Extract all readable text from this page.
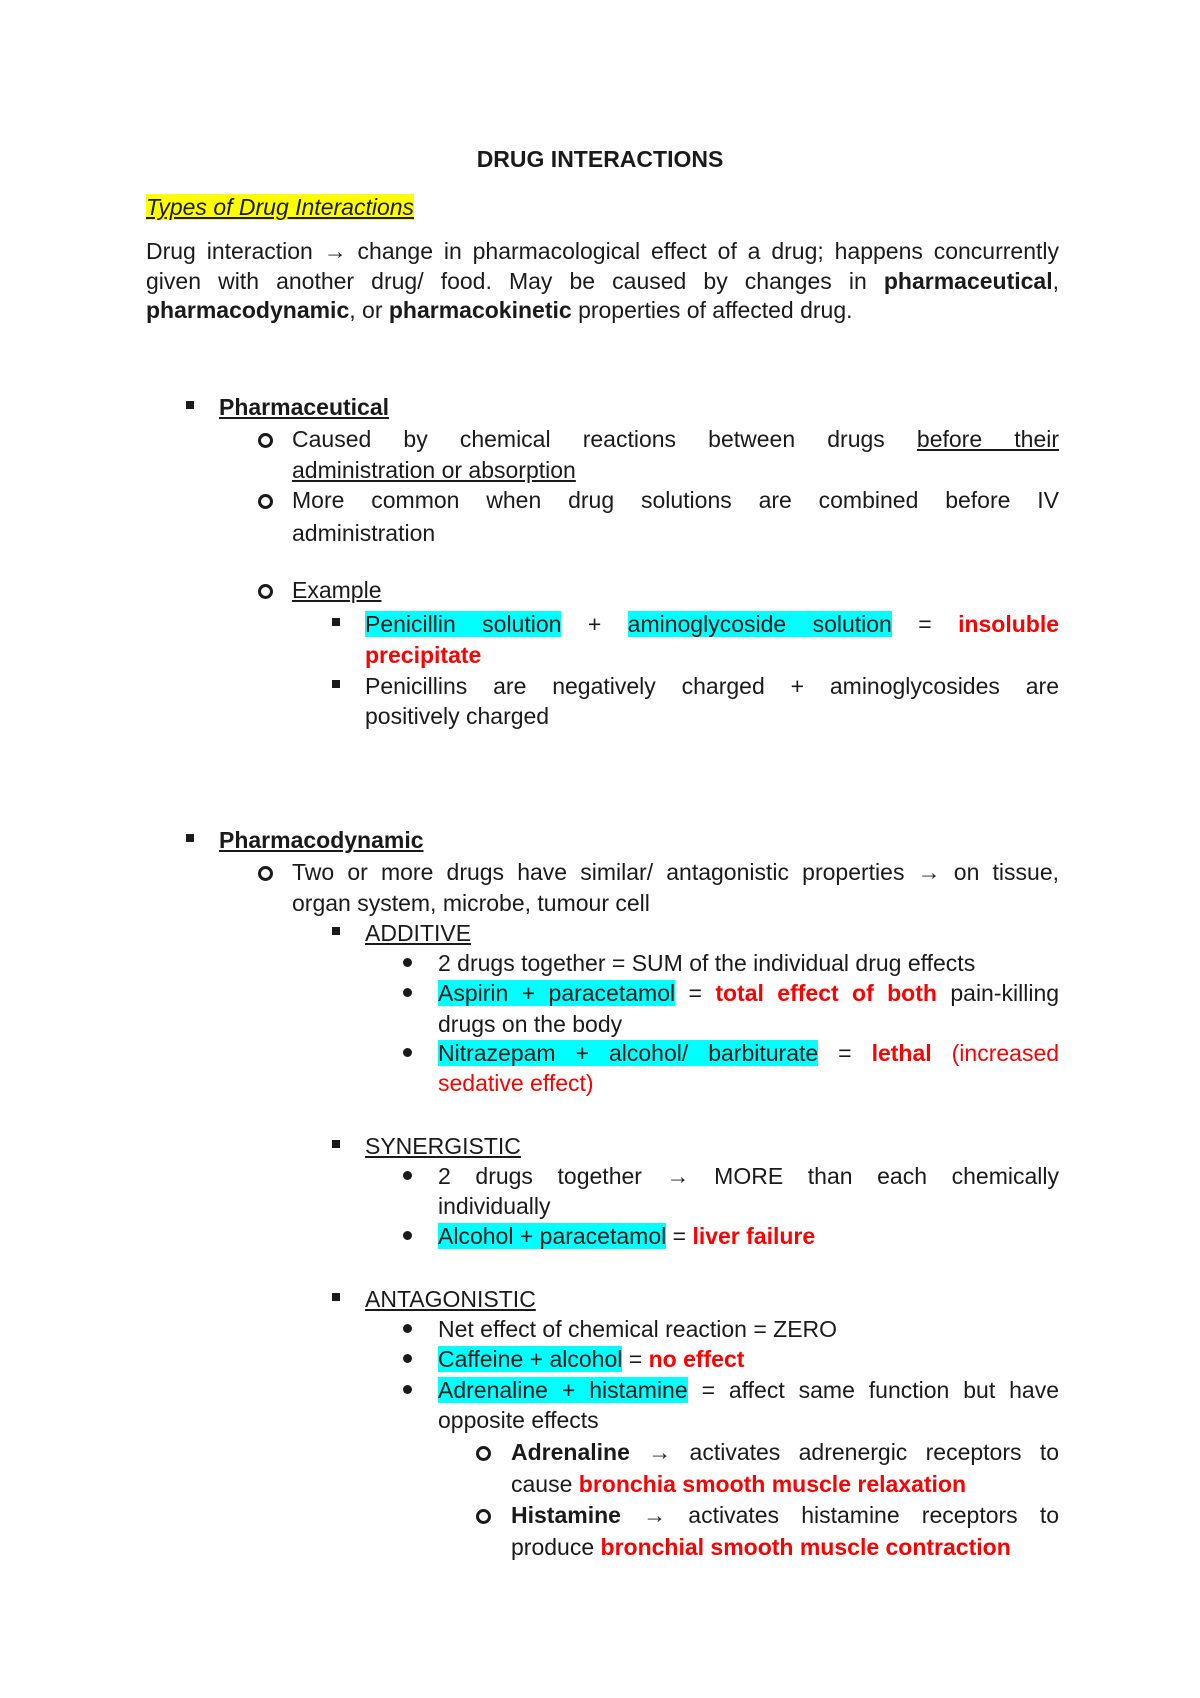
DRUG INTERACTIONS
Types of Drug Interactions
Drug interaction → change in pharmacological effect of a drug; happens concurrently
given with another drug/ food. May be caused by changes in pharmaceutical,
pharmacodynamic, or pharmacokinetic properties of affected drug.
Pharmaceutical
Caused by chemical reactions between drugs before their
administration or absorption
More common when drug solutions are combined before IV
administration
Example
Penicillin solution + aminoglycoside solution = insoluble
precipitate
Penicillins are negatively charged + aminoglycosides are
positively charged
Pharmacodynamic
Two or more drugs have similar/ antagonistic properties → on tissue,
organ system, microbe, tumour cell
ADDITIVE
2 drugs together = SUM of the individual drug effects
Aspirin + paracetamol = total effect of both pain-killing
drugs on the body
Nitrazepam + alcohol/ barbiturate = lethal (increased
sedative effect)
SYNERGISTIC
2 drugs together → MORE than each chemically
individually
Alcohol + paracetamol = liver failure
ANTAGONISTIC
Net effect of chemical reaction = ZERO
Caffeine + alcohol = no effect
Adrenaline + histamine = affect same function but have
opposite effects
Adrenaline → activates adrenergic receptors to
cause bronchia smooth muscle relaxation
Histamine → activates histamine receptors to
produce bronchial smooth muscle contraction
